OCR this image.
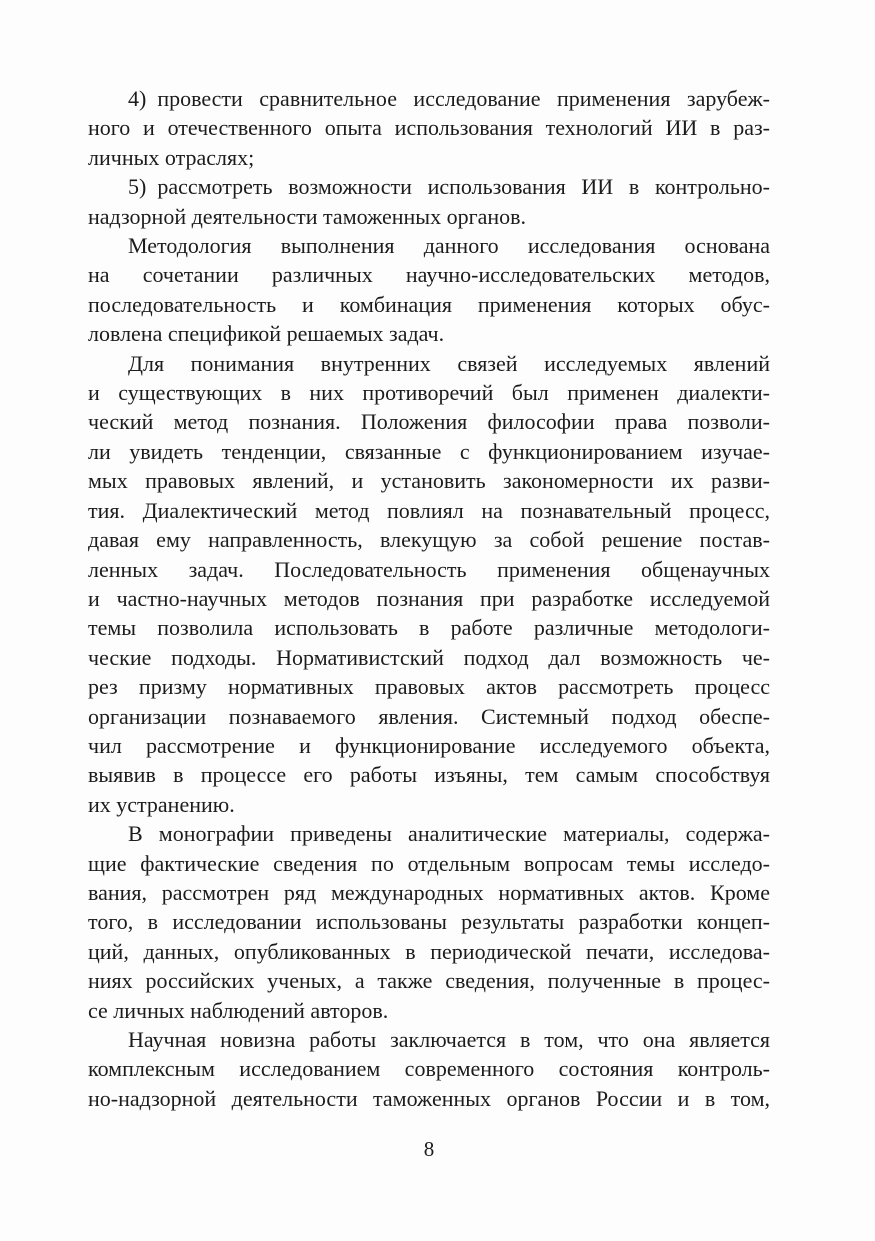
4) провести сравнительное исследование применения зарубеж-
ного и отечественного опыта использования технологий ИИ в раз-
личных отраслях;

5) рассмотреть возможности использования ИИ в контрольно-
надзорной деятельности таможенных органов.

Методология выполнения данного исследования основана
на сочетании различных научно-исследовательских методов,
последовательность и комбинация применения которых обус-
ловлена спецификой решаемых задач.

Для понимания внутренних связей исследуемых явлений
и существующих в них противоречий был применен диалекти-
ческий метод познания. Положения философии права позволи-
ли увидеть тенденции, связанные с функционированием изучае-
мых правовых явлений, и установить закономерности их разви-
тия. Диалектический метод повлиял на познавательный процесс,
давая ему направленность, влекущую за собой решение постав-
ленных задач. Последовательность применения общенаучных
и частно-научных методов познания при разработке исследуемой
темы позволила использовать в работе различные методологи-
ческие подходы. Нормативистский подход дал возможность че-
рез призму нормативных правовых актов рассмотреть процесс
организации познаваемого явления. Системный подход обеспе-
чил рассмотрение и функционирование исследуемого объекта,
выявив в процессе его работы изъяны, тем самым способствуя
их устранению.

В монографии приведены аналитические материалы, содержа-
щие фактические сведения по отдельным вопросам темы исследо-
вания, рассмотрен ряд международных нормативных актов. Кроме
того, в исследовании использованы результаты разработки концеп-
ций, данных, опубликованных в периодической печати, исследова-
ниях российских ученых, а также сведения, полученные в процес-
се личных наблюдений авторов.

Научная новизна работы заключается в том, что она является
комплексным исследованием современного состояния контроль-
но-надзорной деятельности таможенных органов России и в том,

8
